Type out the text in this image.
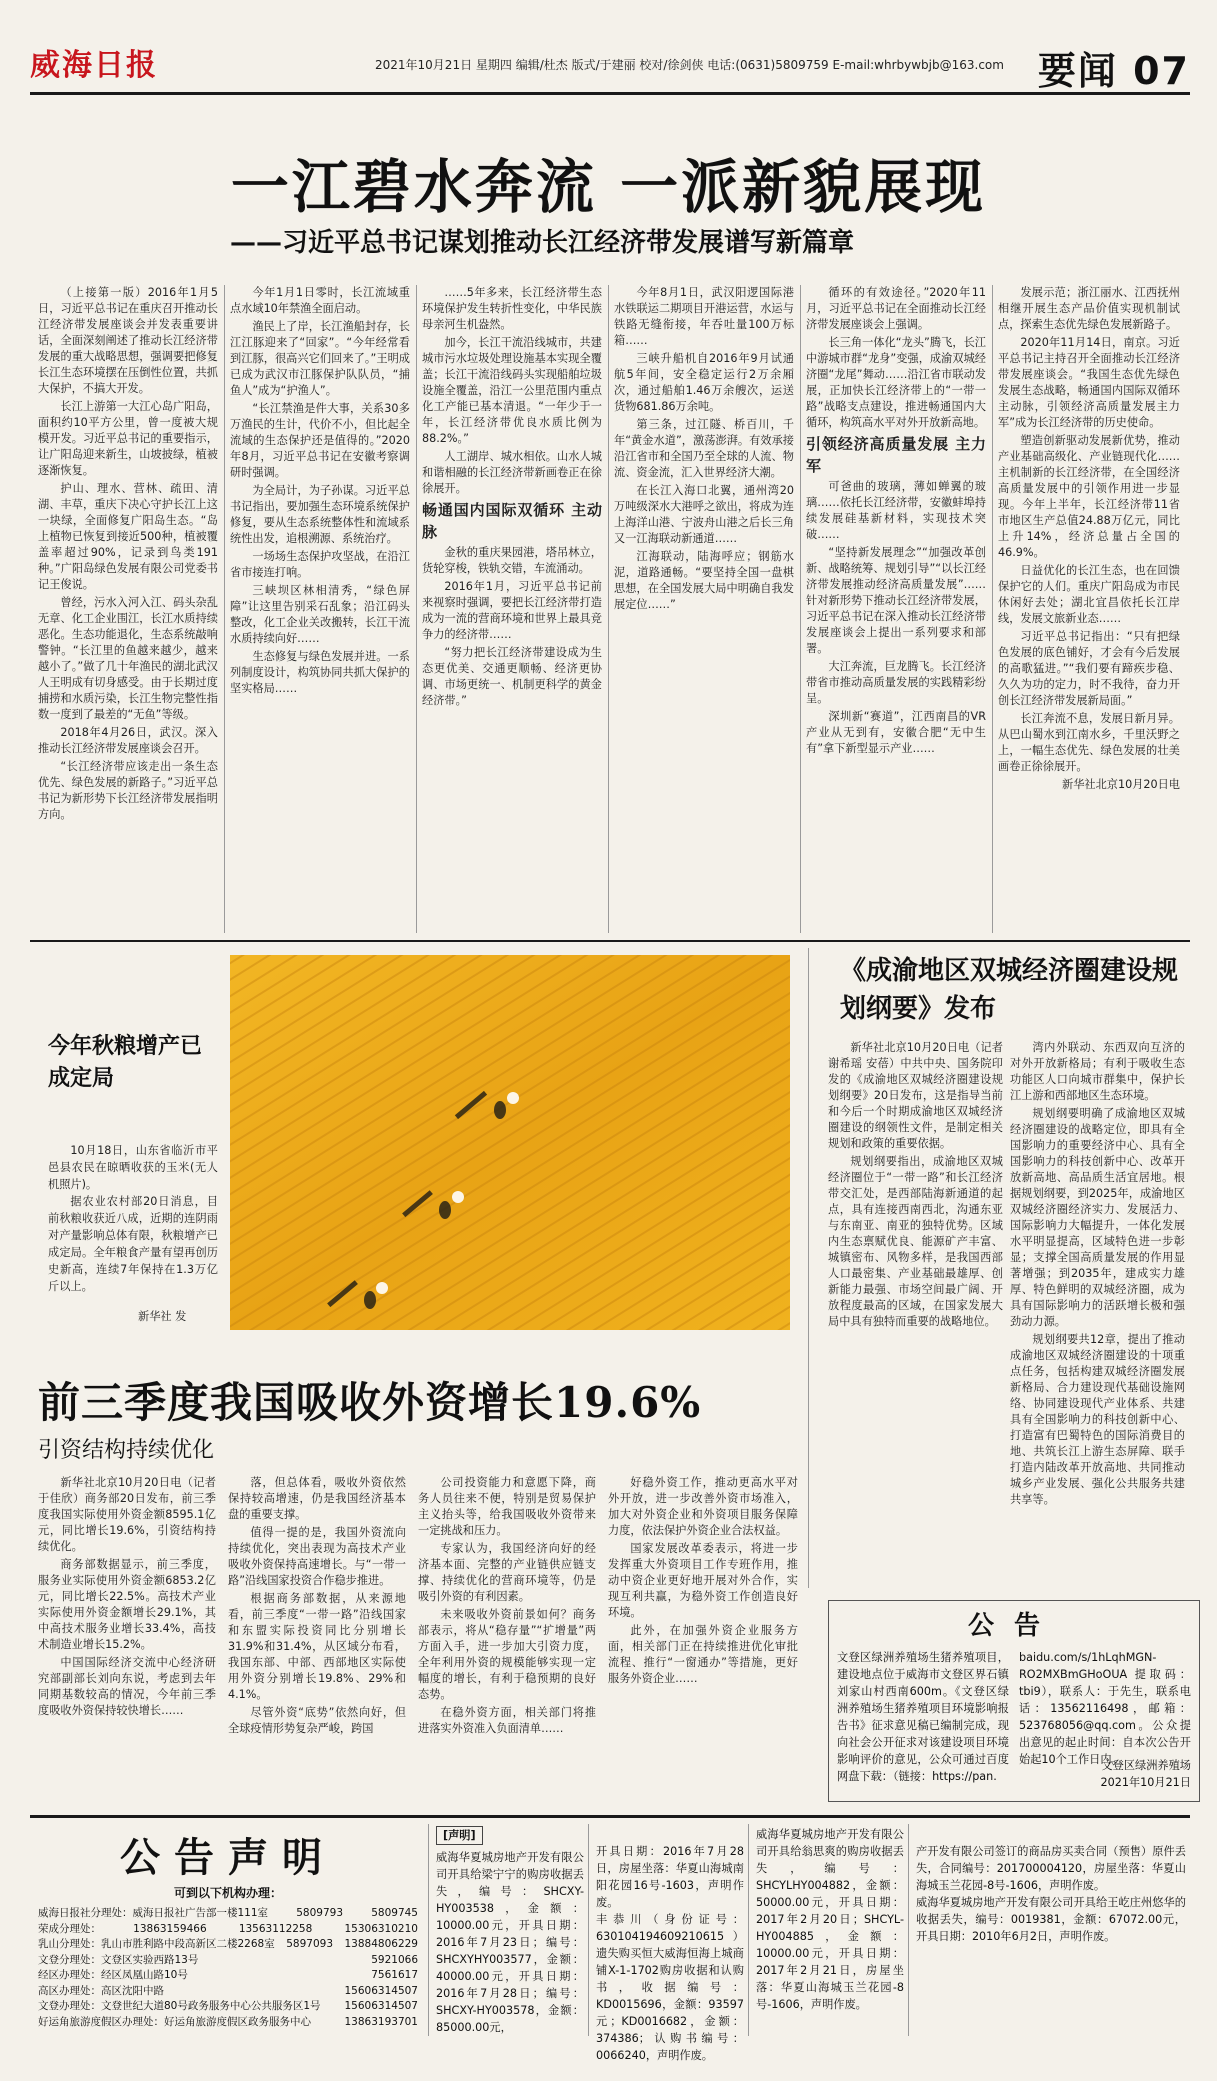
威海日报	2021年10月21日 星期四 编辑/杜杰 版式/于建丽 校对/徐剑侠 电话:(0631)5809759 E-mail:whrbywbjb@163.com 要闻 07
一江碧水奔流 一派新貌展现
——习近平总书记谋划推动长江经济带发展谱写新篇章

（上接第一版）2016年1月5日，习近平总书记在重庆召开推动长江经济带发展座谈会并发表重要讲话，全面深刻阐述了推动长江经济带发展的重大战略思想，强调要把修复长江生态环境摆在压倒性位置，共抓大保护，不搞大开发。

长江上游第一大江心岛广阳岛，面积约10平方公里，曾一度被大规模开发。习近平总书记的重要指示，让广阳岛迎来新生，山坡披绿，植被逐渐恢复。

护山、理水、营林、疏田、清湖、丰草，重庆下决心守护长江上这一块绿，全面修复广阳岛生态。“岛上植物已恢复到接近500种，植被覆盖率超过90%，记录到鸟类191种。”广阳岛绿色发展有限公司党委书记王俊说。

曾经，污水入河入江、码头杂乱无章、化工企业围江，长江水质持续恶化。生态功能退化，生态系统敲响警钟。“长江里的鱼越来越少，越来越小了。”做了几十年渔民的湖北武汉人王明成有切身感受。由于长期过度捕捞和水质污染，长江生物完整性指数一度到了最差的“无鱼”等级。

2018年4月26日，武汉。深入推动长江经济带发展座谈会召开。

“长江经济带应该走出一条生态优先、绿色发展的新路子。”习近平总书记为新形势下长江经济带发展指明方向。

今年1月1日零时，长江流域重点水域10年禁渔全面启动。

渔民上了岸，长江渔船封存，长江江豚迎来了“回家”。“今年经常看到江豚，很高兴它们回来了。”王明成已成为武汉市江豚保护队队员，“捕鱼人”成为“护渔人”。

“长江禁渔是件大事，关系30多万渔民的生计，代价不小，但比起全流域的生态保护还是值得的。”2020年8月，习近平总书记在安徽考察调研时强调。

为全局计，为子孙谋。习近平总书记指出，要加强生态环境系统保护修复，要从生态系统整体性和流域系统性出发，追根溯源、系统治疗。

一场场生态保护攻坚战，在沿江省市接连打响。

三峡坝区林相清秀，“绿色屏障”让这里告别采石乱象；沿江码头整改，化工企业关改搬转，长江干流水质持续向好……

生态修复与绿色发展并进。一系列制度设计，构筑协同共抓大保护的坚实格局……

……5年多来，长江经济带生态环境保护发生转折性变化，中华民族母亲河生机盎然。

加今，长江干流沿线城市，共建城市污水垃圾处理设施基本实现全覆盖；长江干流沿线码头实现船舶垃圾设施全覆盖，沿江一公里范围内重点化工产能已基本清退。“一年少于一年，长江经济带优良水质比例为88.2%。”

人工湖岸、城水相依。山水人城和谐相融的长江经济带新画卷正在徐徐展开。

畅通国内国际双循环 主动脉

金秋的重庆果园港，塔吊林立，货轮穿梭，铁轨交错，车流涌动。

2016年1月，习近平总书记前来视察时强调，要把长江经济带打造成为一流的营商环境和世界上最具竞争力的经济带……

“努力把长江经济带建设成为生态更优美、交通更顺畅、经济更协调、市场更统一、机制更科学的黄金经济带。”

今年8月1日，武汉阳逻国际港水铁联运二期项目开港运营，水运与铁路无缝衔接，年吞吐量100万标箱……

三峡升船机自2016年9月试通航5年间，安全稳定运行2万余厢次，通过船舶1.46万余艘次，运送货物681.86万余吨。

第三条，过江隧、桥百川，千年“黄金水道”，激荡澎湃。有效承接沿江省市和全国乃至全球的人流、物流、资金流，汇入世界经济大潮。

在长江入海口北翼，通州湾20万吨级深水大港呼之欲出，将成为连上海洋山港、宁波舟山港之后长三角又一江海联动新通道……

江海联动，陆海呼应；钢筋水泥，道路通畅。“要坚持全国一盘棋思想，在全国发展大局中明确自我发展定位……”

循环的有效途径。”2020年11月，习近平总书记在全面推动长江经济带发展座谈会上强调。

长三角一体化“龙头”腾飞，长江中游城市群“龙身”变强，成渝双城经济圈“龙尾”舞动……沿江省市联动发展，正加快长江经济带上的“一带一路”战略支点建设，推进畅通国内大循环，构筑高水平对外开放新高地。

引领经济高质量发展 主力军

可爸曲的玻璃，薄如蝉翼的玻璃……依托长江经济带，安徽蚌埠持续发展硅基新材料，实现技术突破……

“坚持新发展理念”“加强改革创新、战略统筹、规划引导”“以长江经济带发展推动经济高质量发展”……针对新形势下推动长江经济带发展，习近平总书记在深入推动长江经济带发展座谈会上提出一系列要求和部署。

大江奔流，巨龙腾飞。长江经济带省市推动高质量发展的实践精彩纷呈。

深圳新“赛道”，江西南昌的VR产业从无到有，安徽合肥“无中生有”拿下新型显示产业……

发展示范；浙江丽水、江西抚州相继开展生态产品价值实现机制试点，探索生态优先绿色发展新路子。

2020年11月14日，南京。习近平总书记主持召开全面推动长江经济带发展座谈会。“我国生态优先绿色发展生态战略，畅通国内国际双循环主动脉，引领经济高质量发展主力军”成为长江经济带的历史使命。

塑造创新驱动发展新优势，推动产业基础高级化、产业链现代化……主机制新的长江经济带，在全国经济高质量发展中的引领作用进一步显现。今年上半年，长江经济带11省市地区生产总值24.88万亿元，同比上升14%，经济总量占全国的46.9%。

日益优化的长江生态，也在回馈保护它的人们。重庆广阳岛成为市民休闲好去处；湖北宜昌依托长江岸线，发展文旅新业态……

习近平总书记指出：“只有把绿色发展的底色铺好，才会有今后发展的高歌猛进。”“我们要有蹄疾步稳、久久为功的定力，时不我待，奋力开创长江经济带发展新局面。”

长江奔流不息，发展日新月异。从巴山蜀水到江南水乡，千里沃野之上，一幅生态优先、绿色发展的壮美画卷正徐徐展开。

新华社北京10月20日电

今年秋粮增产已成定局

10月18日，山东省临沂市平邑县农民在晾晒收获的玉米(无人机照片)。

据农业农村部20日消息，目前秋粮收获近八成，近期的连阴雨对产量影响总体有限，秋粮增产已成定局。全年粮食产量有望再创历史新高，连续7年保持在1.3万亿斤以上。

新华社 发
《成渝地区双城经济圈建设规划纲要》发布

新华社北京10月20日电（记者 谢希瑶 安蓓）中共中央、国务院印发的《成渝地区双城经济圈建设规划纲要》20日发布，这是指导当前和今后一个时期成渝地区双城经济圈建设的纲领性文件，是制定相关规划和政策的重要依据。

规划纲要指出，成渝地区双城经济圈位于“一带一路”和长江经济带交汇处，是西部陆海新通道的起点，具有连接西南西北，沟通东亚与东南亚、南亚的独特优势。区域内生态禀赋优良、能源矿产丰富、城镇密布、风物多样，是我国西部人口最密集、产业基础最雄厚、创新能力最强、市场空间最广阔、开放程度最高的区域，在国家发展大局中具有独特而重要的战略地位。

湾内外联动、东西双向互济的对外开放新格局；有利于吸收生态功能区人口向城市群集中，保护长江上游和西部地区生态环境。

规划纲要明确了成渝地区双城经济圈建设的战略定位，即具有全国影响力的重要经济中心、具有全国影响力的科技创新中心、改革开放新高地、高品质生活宜居地。根据规划纲要，到2025年，成渝地区双城经济圈经济实力、发展活力、国际影响力大幅提升，一体化发展水平明显提高，区域特色进一步彰显；支撑全国高质量发展的作用显著增强；到2035年，建成实力雄厚、特色鲜明的双城经济圈，成为具有国际影响力的活跃增长极和强劲动力源。

规划纲要共12章，提出了推动成渝地区双城经济圈建设的十项重点任务，包括构建双城经济圈发展新格局、合力建设现代基础设施网络、协同建设现代产业体系、共建具有全国影响力的科技创新中心、打造富有巴蜀特色的国际消费目的地、共筑长江上游生态屏障、联手打造内陆改革开放高地、共同推动城乡产业发展、强化公共服务共建共享等。

前三季度我国吸收外资增长19.6%
引资结构持续优化

新华社北京10月20日电（记者 于佳欣）商务部20日发布，前三季度我国实际使用外资金额8595.1亿元，同比增长19.6%，引资结构持续优化。

商务部数据显示，前三季度，服务业实际使用外资金额6853.2亿元，同比增长22.5%。高技术产业实际使用外资金额增长29.1%，其中高技术服务业增长33.4%，高技术制造业增长15.2%。

中国国际经济交流中心经济研究部副部长刘向东说，考虑到去年同期基数较高的情况，今年前三季度吸收外资保持较快增长……

落，但总体看，吸收外资依然保持较高增速，仍是我国经济基本盘的重要支撑。

值得一提的是，我国外资流向持续优化，突出表现为高技术产业吸收外资保持高速增长。与“一带一路”沿线国家投资合作稳步推进。

根据商务部数据，从来源地看，前三季度“一带一路”沿线国家和东盟实际投资同比分别增长31.9%和31.4%，从区域分布看，我国东部、中部、西部地区实际使用外资分别增长19.8%、29%和4.1%。

尽管外资“底势”依然向好，但全球疫情形势复杂严峻，跨国

公司投资能力和意愿下降，商务人员往来不便，特别是贸易保护主义抬头等，给我国吸收外资带来一定挑战和压力。

专家认为，我国经济向好的经济基本面、完整的产业链供应链支撑、持续优化的营商环境等，仍是吸引外资的有利因素。

未来吸收外资前景如何？商务部表示，将从“稳存量”“扩增量”两方面入手，进一步加大引资力度，全年利用外资的规模能够实现一定幅度的增长，有利于稳预期的良好态势。

在稳外资方面，相关部门将推进落实外资准入负面清单……

好稳外资工作，推动更高水平对外开放，进一步改善外资市场准入，加大对外资企业和外资项目服务保障力度，依法保护外资企业合法权益。

国家发展改革委表示，将进一步发挥重大外资项目工作专班作用，推动中资企业更好地开展对外合作，实现互利共赢，为稳外资工作创造良好环境。

此外，在加强外资企业服务方面，相关部门正在持续推进优化审批流程、推行“一窗通办”等措施，更好服务外资企业……

公告
文登区绿洲养殖场生猪养殖项目，建设地点位于威海市文登区界石镇刘家山村西南600m。《文登区绿洲养殖场生猪养殖项目环境影响报告书》征求意见稿已编制完成，现向社会公开征求对该建设项目环境影响评价的意见，公众可通过百度网盘下载：（链接：https://pan.
baidu.com/s/1hLqhMGN-RO2MXBmGHoOUA 提取码：tbi9），联系人：于先生，联系电话：13562116498，邮箱：523768056@qq.com。公众提出意见的起止时间：自本次公告开始起10个工作日内。
文登区绿洲养殖场
2021年10月21日
公告声明
可到以下机构办理：
威海日报社分理处：威海日报社广告部一楼111室	5809793	5809745
荣成分理处：	13863159466	13563112258	15306310210
乳山分理处：乳山市胜利路中段高新区二楼2268室 5897093 13884806229
文登分理处：文登区实验西路13号	5921066
经区办理处：经区凤凰山路10号	7561617
高区办理处：高区沈阳中路	15606314507
文登办理处：文登世纪大道80号政务服务中心公共服务区1号 15606314507
好运角旅游度假区办理处：好运角旅游度假区政务服务中心	13863193701
[声明]
威海华夏城房地产开发有限公司开具给梁宁宁的购房收据丢失，编号：SHCXY-HY003538，金额：10000.00元，开具日期：2016年7月23日；编号：SHCXYHY003577，金额：40000.00元，开具日期：2016年7月28日；编号：SHCXY-HY003578，金额：85000.00元，

开具日期：2016年7月28日，房屋坐落：华夏山海城南阳花园16号-1603，声明作废。
丰恭川（身份证号：630104194609210615）遗失购买恒大威海恒海上城商铺X-1-1702购房收据和认购书，收据编号：KD0015696，金额：93597元；KD0016682，金额：374386；认购书编号：0066240，声明作废。

威海华夏城房地产开发有限公司开具给翁思爽的购房收据丢失，编号：SHCYLHY004882，金额：50000.00元，开具日期：2017年2月20日；SHCYL-HY004885，金额：10000.00元，开具日期：2017年2月21日，房屋坐落：华夏山海城玉兰花园-8号-1606，声明作废。

产开发有限公司签订的商品房买卖合同（预售）原件丢失，合同编号：201700004120，房屋坐落：华夏山海城玉兰花园-8号-1606，声明作废。
威海华夏城房地产开发有限公司开具给王屹庄州悠华的收据丢失，编号：0019381，金额：67072.00元，开具日期：2010年6月2日，声明作废。
